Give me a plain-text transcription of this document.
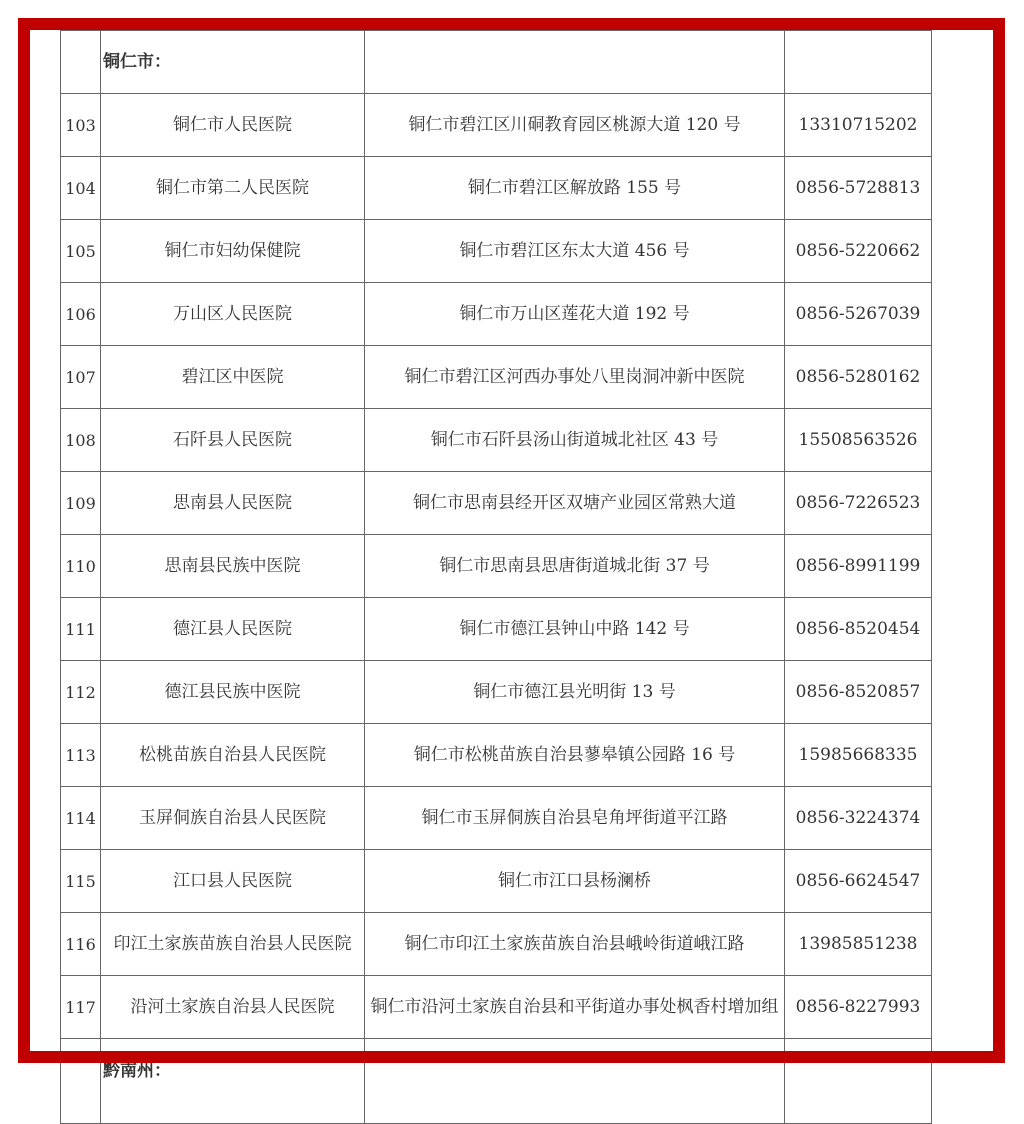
	铜仁市：		
103	铜仁市人民医院	铜仁市碧江区川硐教育园区桃源大道 120 号	13310715202
104	铜仁市第二人民医院	铜仁市碧江区解放路 155 号	0856-5728813
105	铜仁市妇幼保健院	铜仁市碧江区东太大道 456 号	0856-5220662
106	万山区人民医院	铜仁市万山区莲花大道 192 号	0856-5267039
107	碧江区中医院	铜仁市碧江区河西办事处八里岗洞冲新中医院	0856-5280162
108	石阡县人民医院	铜仁市石阡县汤山街道城北社区 43 号	15508563526
109	思南县人民医院	铜仁市思南县经开区双塘产业园区常熟大道	0856-7226523
110	思南县民族中医院	铜仁市思南县思唐街道城北街 37 号	0856-8991199
111	德江县人民医院	铜仁市德江县钟山中路 142 号	0856-8520454
112	德江县民族中医院	铜仁市德江县光明街 13 号	0856-8520857
113	松桃苗族自治县人民医院	铜仁市松桃苗族自治县蓼皋镇公园路 16 号	15985668335
114	玉屏侗族自治县人民医院	铜仁市玉屏侗族自治县皂角坪街道平江路	0856-3224374
115	江口县人民医院	铜仁市江口县杨澜桥	0856-6624547
116	印江土家族苗族自治县人民医院	铜仁市印江土家族苗族自治县峨岭街道峨江路	13985851238
117	沿河土家族自治县人民医院	铜仁市沿河土家族自治县和平街道办事处枫香村增加组	0856-8227993
	黔南州：		
